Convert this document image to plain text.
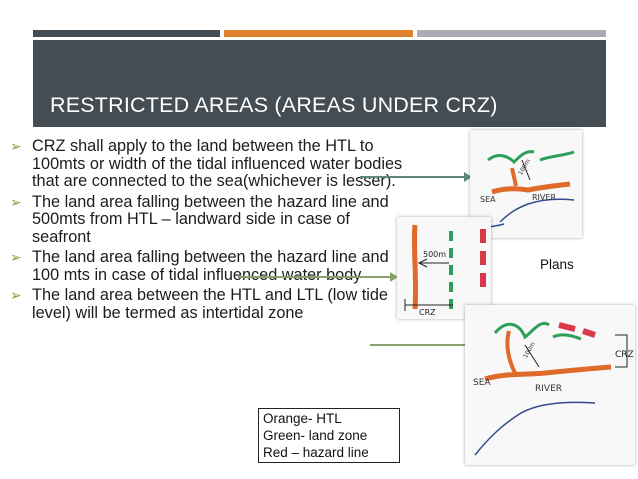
RESTRICTED AREAS (AREAS UNDER CRZ)
➢ CRZ shall apply to the land between the HTL to 100mts or width of the tidal influenced water bodies that are connected to the sea(whichever is lesser).
➢ The land area falling between the hazard line and 500mts from HTL – landward side in case of seafront
➢ The land area falling between the hazard line and 100 mts in case of tidal influenced water body
➢ The land area between the HTL and LTL (low tide level) will be termed as intertidal zone
SEA	RIVER
100m
500m
CRZ
Plans
CRZ
100m
SEA
RIVER
Orange- HTL
Green- land zone
Red – hazard line
